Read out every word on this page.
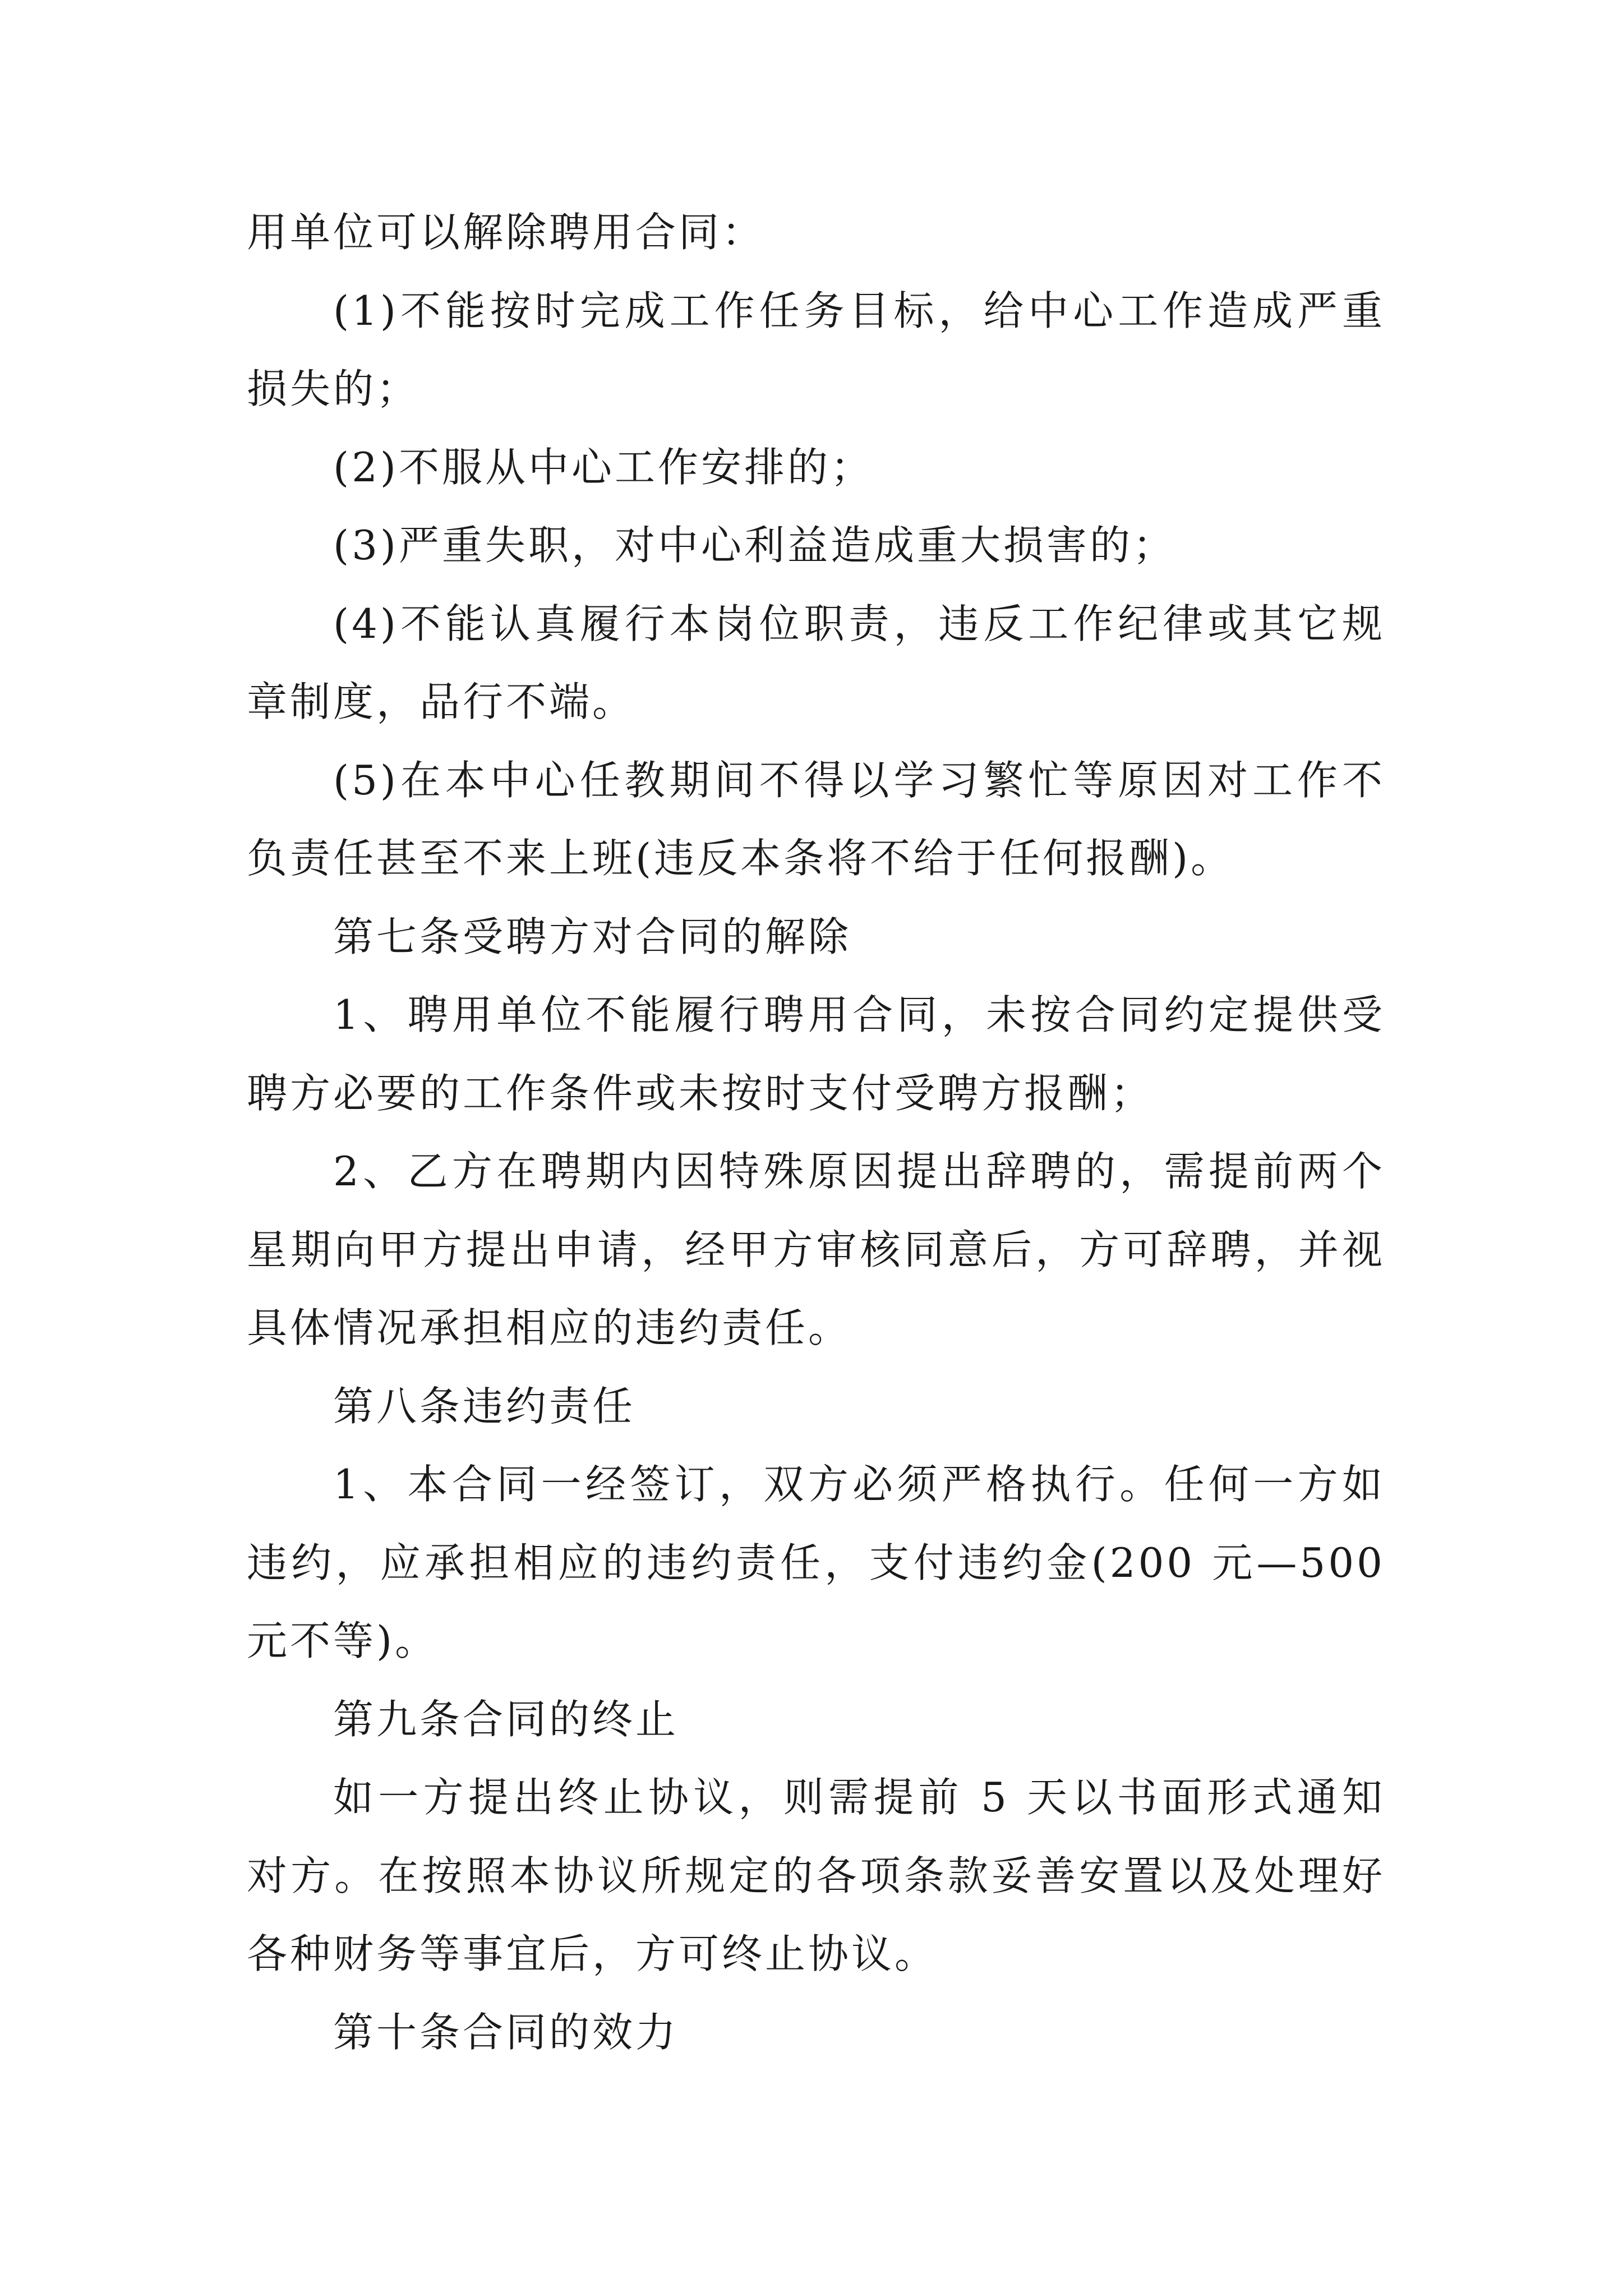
用单位可以解除聘用合同：

(1)不能按时完成工作任务目标，给中心工作造成严重损失的；

(2)不服从中心工作安排的；

(3)严重失职，对中心利益造成重大损害的；

(4)不能认真履行本岗位职责，违反工作纪律或其它规章制度，品行不端。

(5)在本中心任教期间不得以学习繁忙等原因对工作不负责任甚至不来上班(违反本条将不给于任何报酬)。

第七条受聘方对合同的解除

1、聘用单位不能履行聘用合同，未按合同约定提供受聘方必要的工作条件或未按时支付受聘方报酬；

2、乙方在聘期内因特殊原因提出辞聘的，需提前两个星期向甲方提出申请，经甲方审核同意后，方可辞聘，并视具体情况承担相应的违约责任。

第八条违约责任

1、本合同一经签订，双方必须严格执行。任何一方如违约，应承担相应的违约责任，支付违约金(200 元—500 元不等)。

第九条合同的终止

如一方提出终止协议，则需提前 5 天以书面形式通知对方。在按照本协议所规定的各项条款妥善安置以及处理好各种财务等事宜后，方可终止协议。

第十条合同的效力
